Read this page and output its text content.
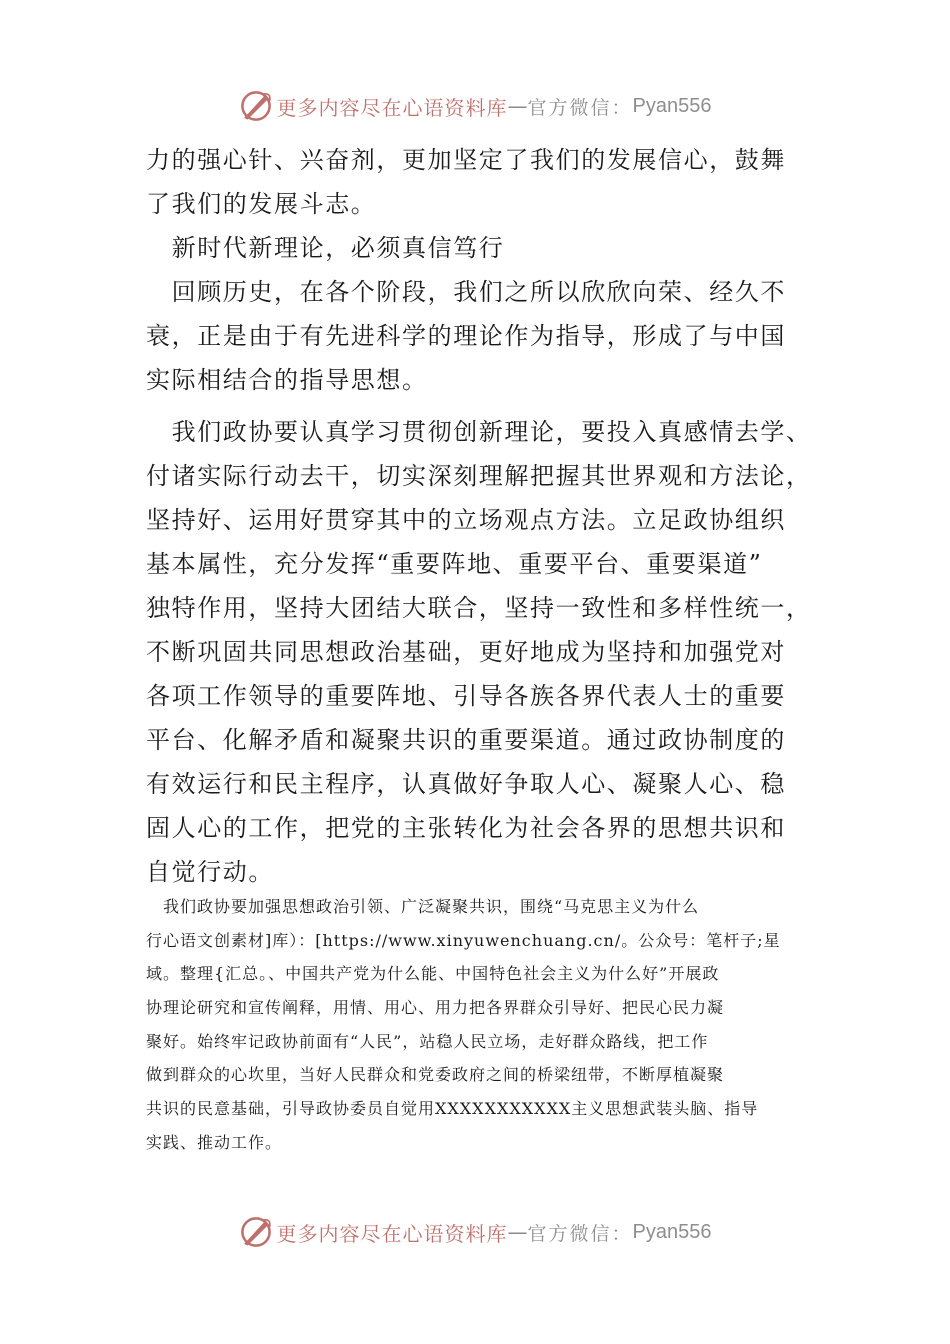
更多内容尽在心语资料库 — 官方微信： Pyan556
力的强心针、兴奋剂，更加坚定了我们的发展信心，鼓舞
了我们的发展斗志。
　新时代新理论，必须真信笃行
　回顾历史，在各个阶段，我们之所以欣欣向荣、经久不
衰，正是由于有先进科学的理论作为指导，形成了与中国
实际相结合的指导思想。
　我们政协要认真学习贯彻创新理论，要投入真感情去学、
付诸实际行动去干，切实深刻理解把握其世界观和方法论，
坚持好、运用好贯穿其中的立场观点方法。立足政协组织
基本属性，充分发挥“重要阵地、重要平台、重要渠道”
独特作用，坚持大团结大联合，坚持一致性和多样性统一，
不断巩固共同思想政治基础，更好地成为坚持和加强党对
各项工作领导的重要阵地、引导各族各界代表人士的重要
平台、化解矛盾和凝聚共识的重要渠道。通过政协制度的
有效运行和民主程序，认真做好争取人心、凝聚人心、稳
固人心的工作，把党的主张转化为社会各界的思想共识和
自觉行动。
　我们政协要加强思想政治引领、广泛凝聚共识，围绕“马克思主义为什么
行心语文创素材]库）：[https://www.xinyuwenchuang.cn/。公众号：笔杆子;星
域。整理{汇总。、中国共产党为什么能、中国特色社会主义为什么好”开展政
协理论研究和宣传阐释，用情、用心、用力把各界群众引导好、把民心民力凝
聚好。始终牢记政协前面有“人民”，站稳人民立场，走好群众路线，把工作
做到群众的心坎里，当好人民群众和党委政府之间的桥梁纽带，不断厚植凝聚
共识的民意基础，引导政协委员自觉用XXXXXXXXXXX主义思想武装头脑、指导
实践、推动工作。
更多内容尽在心语资料库 — 官方微信： Pyan556
